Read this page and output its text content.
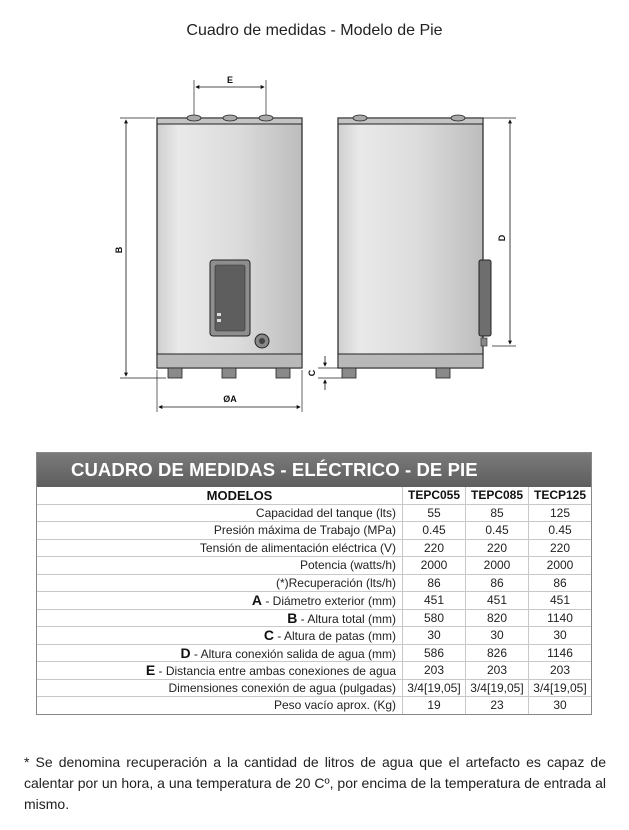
Cuadro de medidas - Modelo de Pie
E
B
ØA
C
D
CUADRO DE MEDIDAS - ELÉCTRICO - DE PIE
MODELOS	TEPC055	TEPC085	TECP125
Capacidad del tanque (lts)	55	85	125
Presión máxima de Trabajo (MPa)	0.45	0.45	0.45
Tensión de alimentación eléctrica (V)	220	220	220
Potencia (watts/h)	2000	2000	2000
(*)Recuperación (lts/h)	86	86	86
A - Diámetro exterior (mm)	451	451	451
B - Altura total (mm)	580	820	1140
C - Altura de patas (mm)	30	30	30
D - Altura conexión salida de agua (mm)	586	826	1146
E - Distancia entre ambas conexiones de agua	203	203	203
Dimensiones conexión de agua (pulgadas)	3/4[19,05]	3/4[19,05]	3/4[19,05]
Peso vacío aprox. (Kg)	19	23	30
* Se denomina recuperación a la cantidad de litros de agua que el artefacto es capaz de calentar por un hora, a una temperatura de 20 Cº, por encima de la temperatura de entrada al mismo.
